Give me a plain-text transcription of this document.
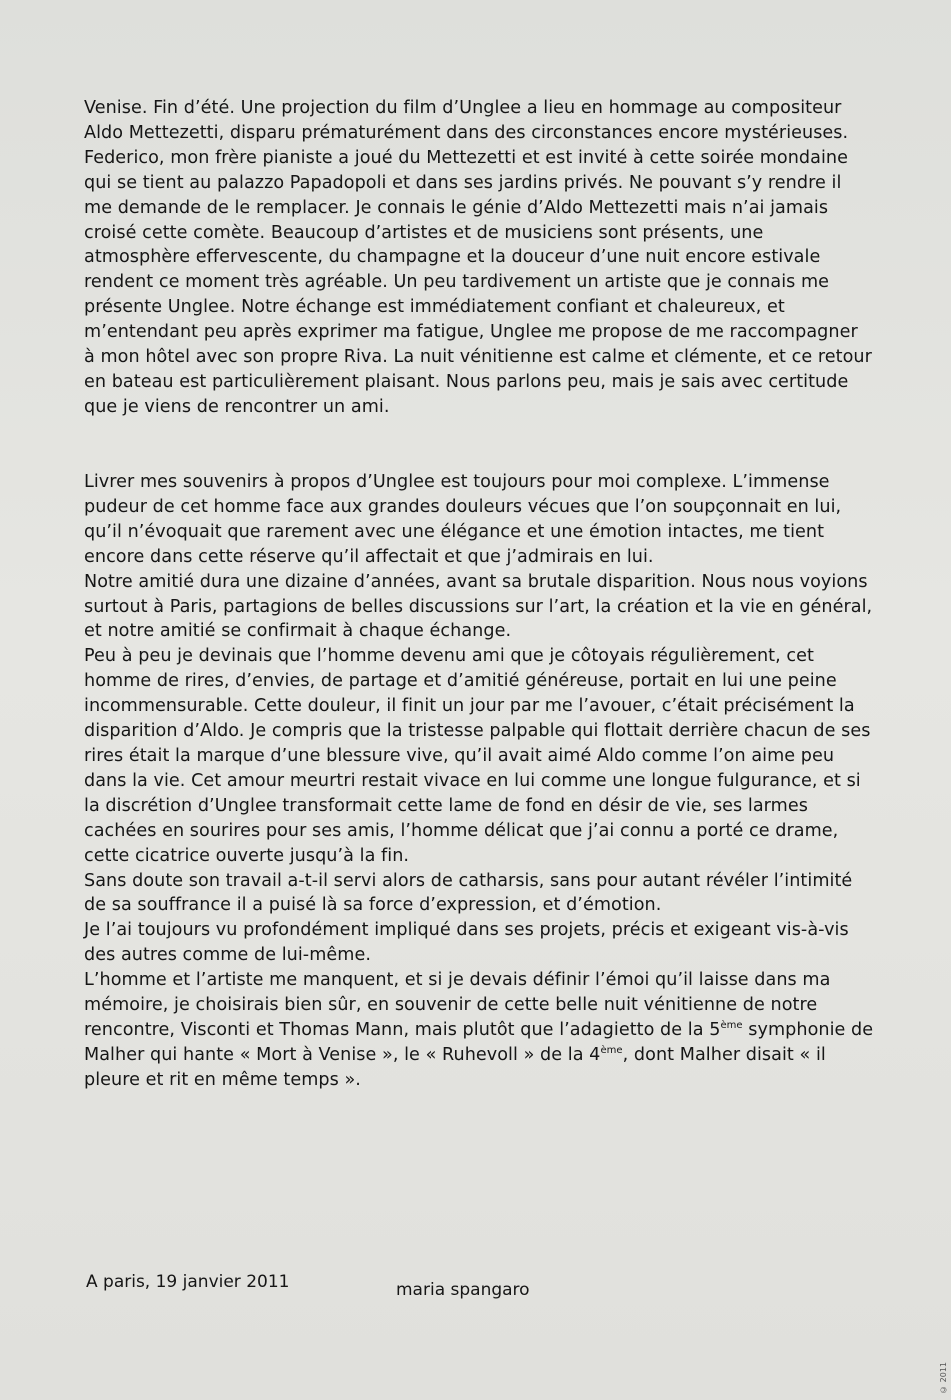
Venise. Fin d’été. Une projection du film d’Unglee a lieu en hommage au compositeur Aldo Mettezetti, disparu prématurément dans des circonstances encore mystérieuses. Federico, mon frère pianiste a joué du Mettezetti et est invité à cette soirée mondaine qui se tient au palazzo Papadopoli et dans ses jardins privés. Ne pouvant s’y rendre il me demande de le remplacer. Je connais le génie d’Aldo Mettezetti mais n’ai jamais croisé cette comète. Beaucoup d’artistes et de musiciens sont présents, une atmosphère effervescente, du champagne et la douceur d’une nuit encore estivale rendent ce moment très agréable. Un peu tardivement un artiste que je connais me présente Unglee. Notre échange est immédiatement confiant et chaleureux, et m’entendant peu après exprimer ma fatigue, Unglee me propose de me raccompagner à mon hôtel avec son propre Riva. La nuit vénitienne est calme et clémente, et ce retour en bateau est particulièrement plaisant. Nous parlons peu, mais je sais avec certitude que je viens de rencontrer un ami.
Livrer mes souvenirs à propos d’Unglee est toujours pour moi complexe. L’immense pudeur de cet homme face aux grandes douleurs vécues que l’on soupçonnait en lui, qu’il n’évoquait que rarement avec une élégance et une émotion intactes, me tient encore dans cette réserve qu’il affectait et que j’admirais en lui.
Notre amitié dura une dizaine d’années, avant sa brutale disparition. Nous nous voyions surtout à Paris, partagions de belles discussions sur l’art, la création et la vie en général, et notre amitié se confirmait à chaque échange.
Peu à peu je devinais que l’homme devenu ami que je côtoyais régulièrement, cet homme de rires, d’envies, de partage et d’amitié généreuse, portait en lui une peine incommensurable. Cette douleur, il finit un jour par me l’avouer, c’était précisément la disparition d’Aldo. Je compris que la tristesse palpable qui flottait derrière chacun de ses rires était la marque d’une blessure vive, qu’il avait aimé Aldo comme l’on aime peu dans la vie. Cet amour meurtri restait vivace en lui comme une longue fulgurance, et si la discrétion d’Unglee transformait cette lame de fond en désir de vie, ses larmes cachées en sourires pour ses amis, l’homme délicat que j’ai connu a porté ce drame, cette cicatrice ouverte jusqu’à la fin.
Sans doute son travail a-t-il servi alors de catharsis, sans pour autant révéler l’intimité de sa souffrance il a puisé là sa force d’expression, et d’émotion.
Je l’ai toujours vu profondément impliqué dans ses projets, précis et exigeant vis-à-vis des autres comme de lui-même.
L’homme et l’artiste me manquent, et si je devais définir l’émoi qu’il laisse dans ma mémoire, je choisirais bien sûr, en souvenir de cette belle nuit vénitienne de notre rencontre, Visconti et Thomas Mann, mais plutôt que l’adagietto de la 5ème symphonie de Malher qui hante « Mort à Venise », le « Ruhevoll » de la 4ème, dont Malher disait « il pleure et rit en même temps ».
A paris, 19 janvier 2011	maria spangaro
© 2011
